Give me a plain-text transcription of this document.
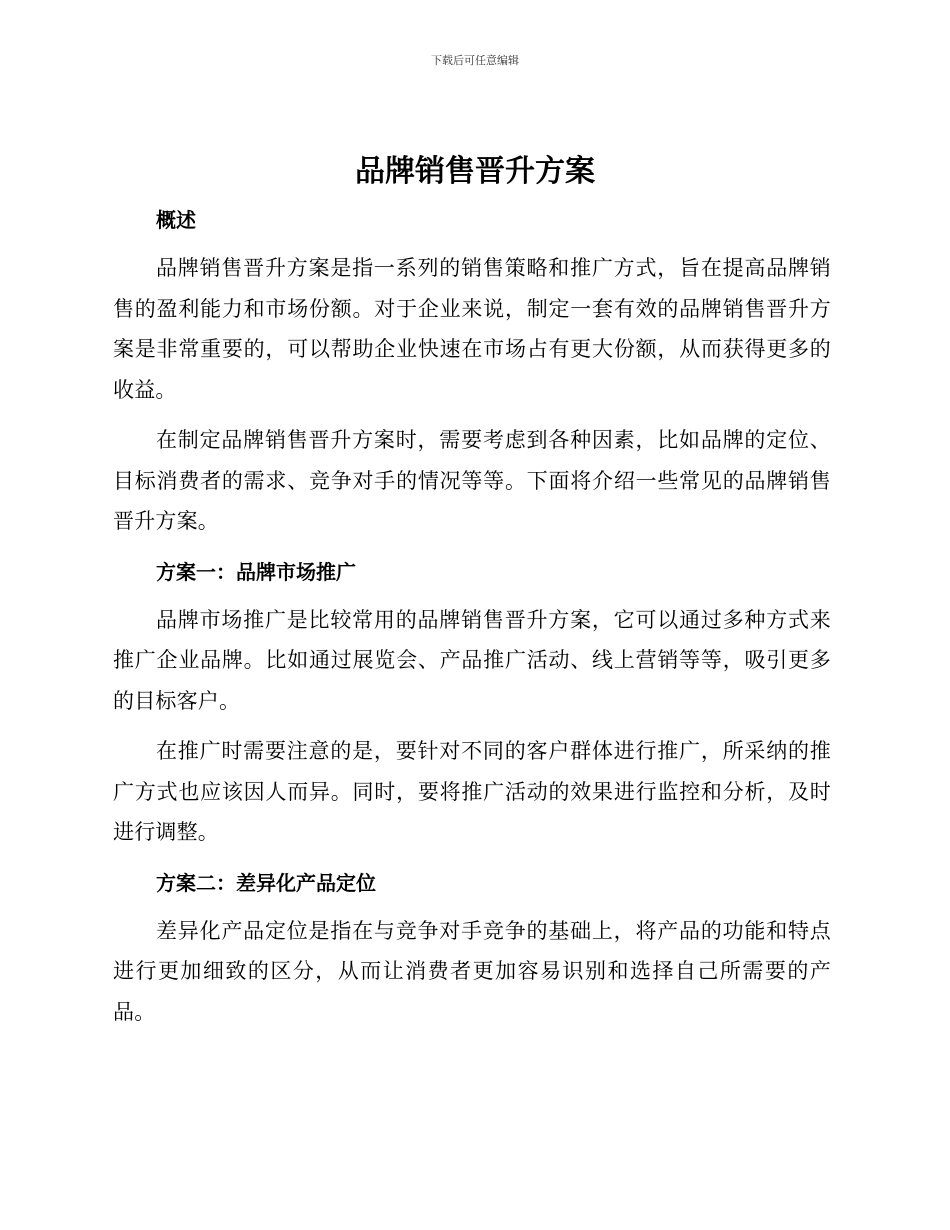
下载后可任意编辑
品牌销售晋升方案
概述

品牌销售晋升方案是指一系列的销售策略和推广方式，旨在提高品牌销售的盈利能力和市场份额。对于企业来说，制定一套有效的品牌销售晋升方案是非常重要的，可以帮助企业快速在市场占有更大份额，从而获得更多的收益。

在制定品牌销售晋升方案时，需要考虑到各种因素，比如品牌的定位、目标消费者的需求、竞争对手的情况等等。下面将介绍一些常见的品牌销售晋升方案。

方案一：品牌市场推广

品牌市场推广是比较常用的品牌销售晋升方案，它可以通过多种方式来推广企业品牌。比如通过展览会、产品推广活动、线上营销等等，吸引更多的目标客户。

在推广时需要注意的是，要针对不同的客户群体进行推广，所采纳的推广方式也应该因人而异。同时，要将推广活动的效果进行监控和分析，及时进行调整。

方案二：差异化产品定位

差异化产品定位是指在与竞争对手竞争的基础上，将产品的功能和特点进行更加细致的区分，从而让消费者更加容易识别和选择自己所需要的产品。
